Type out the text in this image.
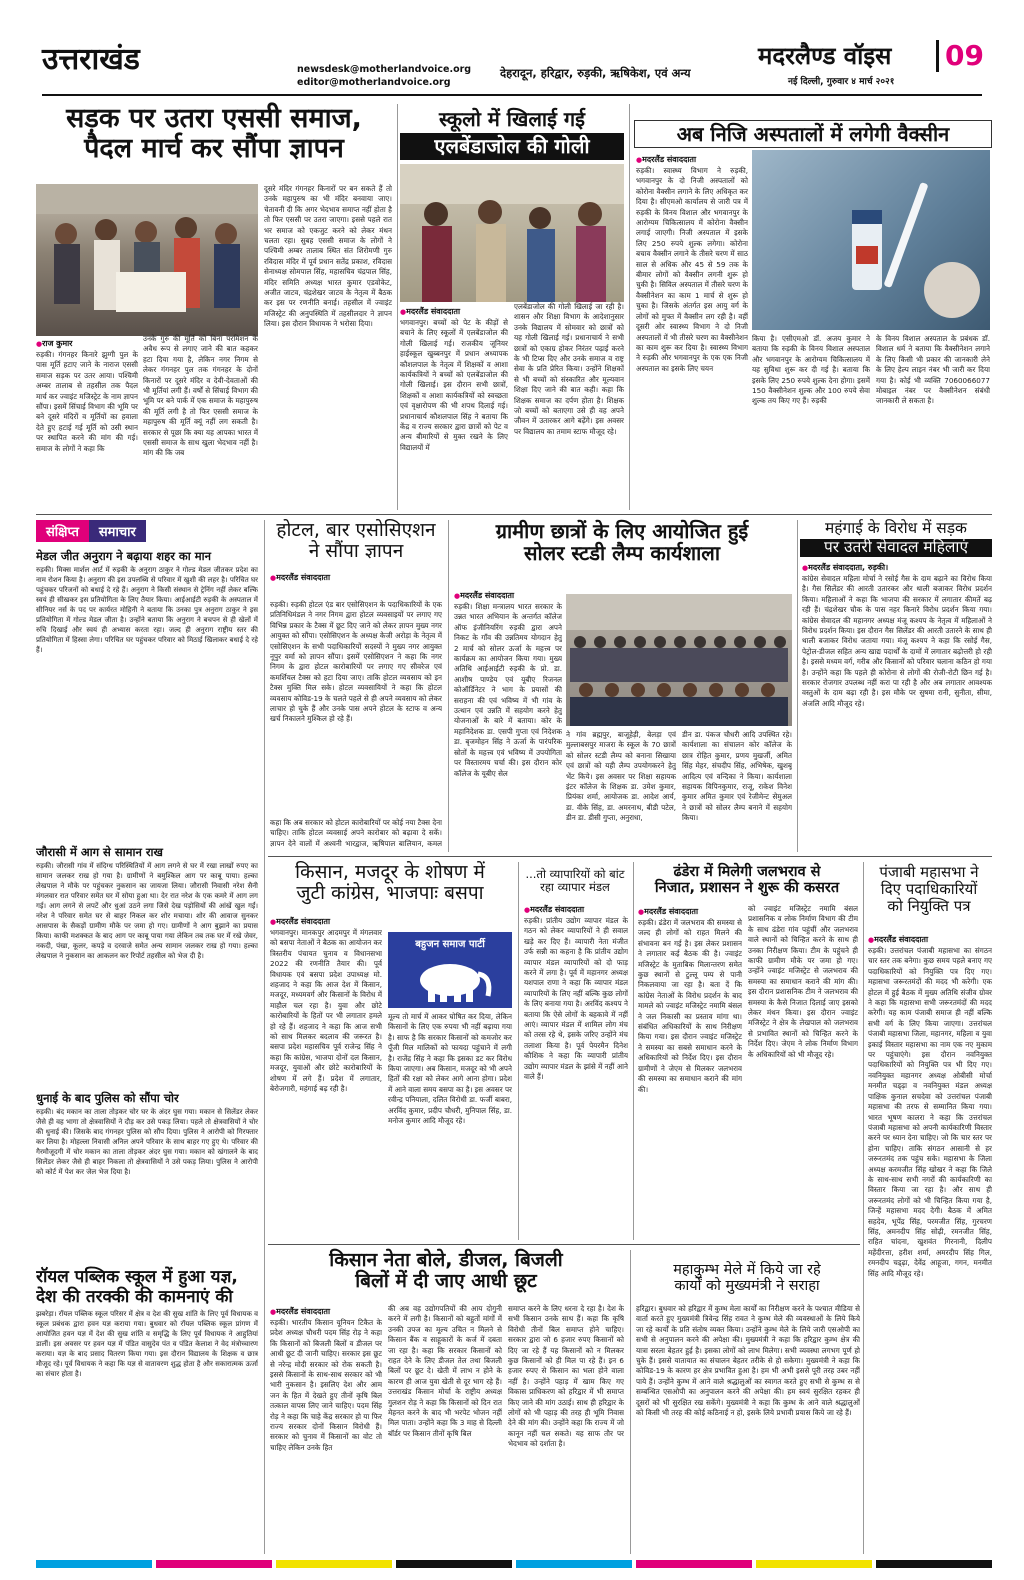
उत्तराखंड	newsdesk@motherlandvoice.org
editor@motherlandvoice.org
देहरादून, हरिद्वार, रुड़की, ऋषिकेश, एवं अन्य
मदरलैण्ड वॉइस	09
नई दिल्ली, गुरुवार ४ मार्च २०२१
सड़क पर उतरा एससी समाज,
पैदल मार्च कर सौंपा ज्ञापन
● राज कुमार
रुड़की। गंगनहर किनारे झुग्गी पुल के पास मूर्ति हटाए जाने के नाराज एससी समाज सड़क पर उतर आया। पश्चिमी अम्बर तालाब से तहसील तक पैदल मार्च कर ज्वाइंट मजिस्ट्रेट के नाम ज्ञापन सौंपा। इसमें सिंचाई विभाग की भूमि पर बने दूसरे मंदिरों व मूर्तियों का हवाला देते हुए हटाई गई मूर्ति को उसी स्थान पर स्थापित करने की मांग की गई। समाज के लोगों ने कहा कि
उनके गुरु की मूर्ति को बिना परमिशन के अवैध रूप से लगाए जाने की बात कहकर हटा दिया गया है, लेकिन नगर निगम से लेकर गंगनहर पुल तक गंगनहर के दोनों किनारों पर दूसरे मंदिर व देवी-देवताओं की भी मूर्तियां लगी हैं। वर्षों से सिंचाई विभाग की भूमि पर बने पार्क में एक समाज के महापुरुष की मूर्ति लगी है तो फिर एससी समाज के महापुरुष की मूर्ति क्यूं नहीं लग सकती है। सरकार से पूछा कि क्या यह आपका भारत में एससी समाज के साथ खुला भेदभाव नहीं है। मांग की कि जब
दूसरे मंदिर गंगनहर किनारों पर बन सकते हैं तो उनके महापुरुष का भी मंदिर बनवाया जाए। चेतावनी दी कि अगर भेदभाव समाप्त नहीं होता है तो फिर एससी पर उतरा जाएगा। इससे पहले रात भर समाज को एकजुट करने को लेकर मंथन चलता रहा। सुबह एससी समाज के लोगों ने पश्चिमी अम्बर तालाब स्थित संत शिरोमणी गुरु रविदास मंदिर में पूर्व प्रधान सतेंद्र प्रकाश, रविदास सेनाध्यक्ष सोमपाल सिंह, महासचिव चंद्रपाल सिंह, मंदिर समिति अध्यक्ष भारत कुमार एडवोकेट, अजीत जाटव, चंद्रशेखर जाटव के नेतृत्व में बैठक कर इस पर रणनीति बनाई। तहसील में ज्वाइंट मजिस्ट्रेट की अनुपस्थिति में तहसीलदार ने ज्ञापन लिया। इस दौरान विधायक ने भरोसा दिया।
स्कूलो में खिलाई गई
एलबेंडाजोल की गोली
● मदरलैंड संवाददाता
भगवानपुर। बच्चों को पेट के कीड़ों से बचाने के लिए स्कूलों में एलबेंडाजोल की गोली खिलाई गई। राजकीय जूनियर हाईस्कूल खुब्बनपुर में प्रधान अध्यापक कौशलपाल के नेतृत्व में शिक्षकों व आशा कार्यकत्रियों ने बच्चों को एलबेंडाजोल की गोली खिलाई। इस दौरान सभी छात्रों, शिक्षकों व आशा कार्यकत्रियों को स्वच्छता एवं वृक्षारोपण की भी शपथ दिलाई गई। प्रधानाचार्य कौशलपाल सिंह ने बताया कि केंद्र व राज्य सरकार द्वारा छात्रों को पेट व अन्य बीमारियों से मुक्त रखने के लिए विद्यालयों में
एलबेंडाजोल की गोली खिलाई जा रही है। शासन और शिक्षा विभाग के आदेशानुसार उनके विद्यालय में सोमवार को छात्रों को यह गोली खिलाई गई। प्रधानाचार्य ने सभी छात्रों को एकाग्र होकर निरंतर पढ़ाई करने के भी टिप्स दिए और उनके समाज व राष्ट्र सेवा के प्रति प्रेरित किया। उन्होंने शिक्षकों से भी बच्चों को संस्कारित और मूल्यवान शिक्षा दिए जाने की बात कही। कहा कि शिक्षक समाज का दर्पण होता है। शिक्षक जो बच्चों को बताएगा उसे ही वह अपने जीवन में उतारकर आगे बढ़ेंगे। इस अवसर पर विद्यालय का तमाम स्टाफ मौजूद रहे।
अब निजि अस्पतालों में लगेगी वैक्सीन
● मदरलैंड संवाददाता
रुड़की। स्वास्थ्य विभाग ने रुड़की, भगवानपुर के दो निजी अस्पतालों को कोरोना वैक्सीन लगाने के लिए अधिकृत कर दिया है। सीएमओ कार्यालय से जारी पत्र में रुड़की के विनय विशाल और भगवानपुर के आरोग्यम चिकित्सालय में कोरोना वैक्सीन लगाई जाएगी। निजी अस्पताल में इसके लिए 250 रुपये शुल्क लगेगा। कोरोना बचाव वैक्सीन लगाने के तीसरे चरण में साठ साल से अधिक और 45 से 59 तक के बीमार लोगों को वैक्सीन लगनी शुरू हो चुकी है। सिविल अस्पताल में तीसरे चरण के वैक्सीनेशन का काम 1 मार्च से शुरू हो चुका है। जिसके अंतर्गत इस आयु वर्ग के लोगों को मुफ्त में वैक्सीन लग रही है। वहीं दूसरी ओर स्वास्थ्य विभाग ने दो निजी अस्पतालों में भी तीसरे चरण का वैक्सीनेशन का काम शुरू कर दिया है। स्वास्थ्य विभाग ने रुड़की और भगवानपुर के एक एक निजी अस्पताल का इसके लिए चयन
किया है। एसीएमओ डॉ. अजय कुमार ने बताया कि रुड़की के विनय विशाल अस्पताल और भगवानपुर के आरोग्यम चिकित्सालय में यह सुविधा शुरू कर दी गई है। बताया कि इसके लिए 250 रुपये शुल्क देना होगा। इसमें 150 वैक्सीनेशन शुल्क और 100 रुपये सेवा शुल्क तय किए गए हैं। रुड़की
के विनय विशाल अस्पताल के प्रबंधक डॉ. विशाल धर्म ने बताया कि वैक्सीनेशन लगाने के लिए किसी भी प्रकार की जानकारी लेने के लिए हेल्प लाइन नंबर भी जारी कर दिया गया है। कोई भी व्यक्ति 7060066077 मोबाइल नंबर पर वैक्सीनेशन संबंधी जानकारी ले सकता है।
संक्षिप्त समाचार
मेडल जीत अनुराग ने बढ़ाया शहर का मान

रुड़की। मिक्स मार्शल आर्ट में रुड़की के अनुराग ठाकुर ने गोल्ड मेडल जीतकर प्रदेश का नाम रोशन किया है। अनुराग की इस उपलब्धि से परिवार में खुशी की लहर है। परिचित घर पहुंचकर परिजनों को बधाई दे रहे हैं। अनुराग ने किसी संस्थान से ट्रेनिंग नहीं लेकर बल्कि स्वयं ही सीखकर इस प्रतियोगिता के लिए तैयार किया। आईआईटी रुड़की के अस्पताल में सीनियर नर्स के पद पर कार्यरत मोहिनी ने बताया कि उनका पुत्र अनुराग ठाकुर ने इस प्रतियोगिता में गोल्ड मेडल जीता है। उन्होंने बताया कि अनुराग ने बचपन से ही खेलों में रुचि दिखाई और स्वयं ही अभ्यास करता रहा। जल्द ही अनुराग राष्ट्रीय स्तर की प्रतियोगिता में हिस्सा लेगा। परिचित घर पहुंचकर परिवार को मिठाई खिलाकर बधाई दे रहे हैं।

जौरासी में आग से सामान राख

रुड़की। जौरासी गांव में संदिग्ध परिस्थितियों में आग लगने से घर में रखा लाखों रुपए का सामान जलकर राख हो गया है। ग्रामीणों ने बमुश्किल आग पर काबू पाया। हल्का लेखपाल ने मौके पर पहुंचकर नुकसान का जायजा लिया। जौरासी निवासी नरेश सैनी मंगलवार रात परिवार समेत घर में सोया हुआ था। देर रात नरेश के एक कमरे में आग लग गई। आग लगने से लपटें और धुआं उठने लगा जिसे देख पड़ोसियों की आंखें खुल गईं। नरेश ने परिवार समेत घर से बाहर निकल कर शोर मचाया। शोर की आवाज सुनकर आसपास के सैकड़ों ग्रामीण मौके पर जमा हो गए। ग्रामीणों ने आग बुझाने का प्रयास किया। काफी मशक्कत के बाद आग पर काबू पाया गया लेकिन तब तक घर में रखे जेवर, नकदी, पंखा, कूलर, कपड़े व दरवाजे समेत अन्य सामान जलकर राख हो गया। हल्का लेखपाल ने नुकसान का आकलन कर रिपोर्ट तहसील को भेज दी है।

धुनाई के बाद पुलिस को सौंपा चोर

रुड़की। बंद मकान का ताला तोड़कर चोर घर के अंदर घुस गया। मकान से सिलेंडर लेकर जैसे ही वह भागा तो क्षेत्रवासियों ने दौड़ कर उसे पकड़ लिया। पहले तो क्षेत्रवासियों ने चोर की धुनाई की। जिसके बाद गंगनहर पुलिस को सौंप दिया। पुलिस ने आरोपी को गिरफ्तार कर लिया है। मोहल्ला निवासी अनिल अपने परिवार के साथ बाहर गए हुए थे। परिवार की गैरमौजूदगी में चोर मकान का ताला तोड़कर अंदर घुस गया। मकान को खंगालने के बाद सिलेंडर लेकर जैसे ही बाहर निकला तो क्षेत्रवासियों ने उसे पकड़ लिया। पुलिस ने आरोपी को कोर्ट में पेश कर जेल भेज दिया है।

रॉयल पब्लिक स्कूल में हुआ यज्ञ, देश की तरक्की की कामनाएं की

झबरेड़ा। रॉयल पब्लिक स्कूल परिसर में क्षेत्र व देश की सुख शांति के लिए पूर्व विधायक व स्कूल प्रबंधक द्वारा हवन यज्ञ कराया गया। बुधवार को रॉयल पब्लिक स्कूल प्रांगण में आयोजित हवन यज्ञ में देश की सुख शांति व समृद्धि के लिए पूर्व विधायक ने आहुतियां डालीं। इस अवसर पर हवन यज्ञ में पंडित वासुदेव पंत व पंडित केलाश ने वेद मंत्रोच्चारण कराया। यज्ञ के बाद प्रसाद वितरण किया गया। इस दौरान विद्यालय के शिक्षक व छात्र मौजूद रहे। पूर्व विधायक ने कहा कि यज्ञ से वातावरण शुद्ध होता है और सकारात्मक ऊर्जा का संचार होता है।

होटल, बार एसोसिएशन
ने सौंपा ज्ञापन
● मदरलैंड संवाददाता
रुड़की। रुड़की होटल एंड बार एसोसिएशन के पदाधिकारियों के एक प्रतिनिधिमंडल ने नगर निगम द्वारा होटल व्यवसाइयों पर लगाए गए विभिन्न प्रकार के टैक्स में छूट दिए जाने को लेकर ज्ञापन मुख्य नगर आयुक्त को सौंपा। एसोसिएशन के अध्यक्ष केजी अरोड़ा के नेतृत्व में एसोसिएशन के सभी पदाधिकारियों सदस्यों ने मुख्य नगर आयुक्त नूपुर वर्मा को ज्ञापन सौंपा। इसमें एसोसिएशन ने कहा कि नगर निगम के द्वारा होटल कारोबारियों पर लगाए गए सीवरेज एवं कमर्शियल टैक्स को हटा दिया जाए। ताकि होटल व्यवसाय को इन टैक्स मुक्ति मिल सके। होटल व्यवसायियों ने कहा कि होटल व्यवसाय कोविड-19 के चलते पहले से ही अपने व्यवसाय को लेकर लाचार हो चुके हैं और उनके पास अपने होटल के स्टाफ व अन्य खर्च निकालने मुश्किल हो रहे हैं।
कहा कि अब सरकार को होटल कारोबारियों पर कोई नया टैक्स देना चाहिए। ताकि होटल व्यवसाई अपने कारोबार को बढ़ावा दे सकें। ज्ञापन देने वालों में अश्वनी भारद्वाज, ऋषिपाल बालियान, कमल
ग्रामीण छात्रों के लिए आयोजित हुई
सोलर स्टडी लैम्प कार्यशाला
● मदरलैंड संवाददाता
रुड़की। शिक्षा मन्त्रालय भारत सरकार के उन्नत भारत अभियान के अन्तर्गत कॉलेज ऑफ इंजीनियरिंग रुड़की द्वारा अपने निकट के गाँव की उन्नतिमय योगदान हेतु 2 मार्च को सोलर ऊर्जा के महत्त्व पर कार्यक्रम का आयोजन किया गया। मुख्य अतिथि आईआईटी रुड़की के प्रो. डा. आशीष पाण्डेय एवं यूबीए रिजनल कोऑर्डिनेटर ने भाग के प्रयासों की सराहना की एवं भविष्य में भी गांव के उत्थान एवं उन्नति में सहयोग करने हेतु योजनाओं के बारे में बताया। कोर के महानिदेशक डा. एसपी गुप्ता एवं निदेशक डा. बृजमोहन सिंह ने ऊर्जा के पारंपरिक स्रोतों के महत्त्व एवं भविष्य में उपयोगिता पर विस्तारमय चर्चा की। इस दौरान कोर कॉलेज के यूबीए सेल
ने गांव ब्रह्मपुर, बाजूहेड़ी, बेलड़ा एवं मुल्लाबसपुर माजरा के स्कूल के 70 छात्रों को सोलर स्टडी लैम्प को बनाना सिखाया एवं छात्रों को यही लैम्प उपयोगकरने हेतु भेंट किये। इस अवसर पर शिक्षा सहायक इंटर कॉलेज के शिक्षक डा. उमेश कुमार, प्रियंका शर्मा, आयोजक डा. आदेश आर्य, डा. वीके सिंह, डा. अमरनाथ, बीडी पटेल, डीन डा. डीसी गुप्ता, अनुराधा,
डीन डा. पंकज चौधरी आदि उपस्थित रहे। कार्यशाला का संचालन कोर कॉलेज के छात्र रोहित कुमार, प्रणय मुखर्जी, अमित सिंह मेहर, संचदीप सिंह, अभिषेक, खुशबू आदित्य एवं वन्दिका ने किया। कार्यशाला सहायक विपिनकुमार, राजू, राकेश विनेश कुमार अमित कुमार एवं रेजीमेन्ट सेमुअल ने छात्रों को सोलर लैम्प बनाने में सहयोग किया।
महंगाई के विरोध में सड़क
पर उतरी सेवादल महिलाएं
● मदरलैंड संवाददाता, रुड़की।
कांग्रेस सेवादल महिला मोर्चा ने रसोई गैस के दाम बढ़ाने का विरोध किया है। गैस सिलेंडर की आरती उतारकर और थाली बजाकर विरोध प्रदर्शन किया। महिलाओं ने कहा कि भाजपा की सरकार में लगातार कीमतें बढ़ रही हैं। चंद्रशेखर चौक के पास नहर किनारे विरोध प्रदर्शन किया गया। कांग्रेस सेवादल की महानगर अध्यक्ष मंजू कश्यप के नेतृत्व में महिलाओं ने विरोध प्रदर्शन किया। इस दौरान गैस सिलेंडर की आरती उतारने के साथ ही थाली बजाकर विरोध जताया गया। मंजू कश्यप ने कहा कि रसोई गैस, पेट्रोल-डीजल सहित अन्य खाद्य पदार्थों के दामों में लगातार बढ़ोत्तरी हो रही है। इससे मध्यम वर्ग, गरीब और किसानों को परिवार चलाना कठिन हो गया है। उन्होंने कहा कि पहले ही कोरोना से लोगों की रोजी-रोटी छिन गई है। सरकार रोजगार उपलब्ध नहीं करा पा रही है और अब लगातार आवश्यक वस्तुओं के दाम बढ़ा रही है। इस मौके पर सुषमा रानी, सुनीता, सीमा, अंजलि आदि मौजूद रहे।
किसान, मजदूर के शोषण में
जुटी कांग्रेस, भाजपाः बसपा
● मदरलैंड संवाददाता
बहुजन समाज पार्टी
भगवानपुर। मानकपुर आदमपुर में मंगलवार को बसपा नेताओं ने बैठक का आयोजन कर त्रिस्तरीय पंचायत चुनाव व विधानसभा 2022 की रणनीति तैयार की। पूर्व विधायक एवं बसपा प्रदेश उपाध्यक्ष मो. शहजाद ने कहा कि आज देश में किसान, मजदूर, मध्यमवर्ग और किसानों के विरोध में माहौल चल रहा है। युवा और छोटे कारोबारियों के हितों पर भी लगातार हमले हो रहे हैं। शहजाद ने कहा कि आज सभी को साथ मिलकर बदलाव की जरूरत है। बसपा प्रदेश महासचिव पूर्व राजेन्द्र सिंह ने कहा कि कांग्रेस, भाजपा दोनों दल किसान, मजदूर, युवाओं और छोटे कारोबारियों के शोषण में लगे हैं। प्रदेश में लगातार, बेरोजगारी, महंगाई बढ़ रही है।
मूल्य तो मार्च में आकर घोषित कर दिया, लेकिन किसानों के लिए एक रुपया भी नहीं बढ़ाया गया है। साफ है कि सरकार किसानों को कमजोर कर पूँजी मिल मालिकों को फायदा पहुंचाने में लगी है। राजेंद्र सिंह ने कहा कि इसका डट कर विरोध किया जाएगा। अब किसान, मजदूर को भी अपने हितों की रक्षा को लेकर आगे आना होगा। प्रदेश में आने वाला समय बसपा का है। इस अवसर पर रवीन्द्र पनियाला, दलित विरोधी डा. फर्जी बाबरा, अरविंद कुमार, प्रदीप चौधरी, मुनिपाल सिंह, डा. मनोज कुमार आदि मौजूद रहे।
...तो व्यापारियों को बांट
रहा व्यापार मंडल
● मदरलैंड संवाददाता
रुड़की। प्रांतीय उद्योग व्यापार मंडल के गठन को लेकर व्यापारियों ने ही सवाल खड़े कर दिए हैं। व्यापारी नेता मंजीत उर्फ सन्नी का कहना है कि प्रांतीय उद्योग व्यापार मंडल व्यापारियों को दो फाड़ करने में लगा है। पूर्व में महानगर अध्यक्ष यशपाल राणा ने कहा कि व्यापार मंडल व्यापारियों के लिए नहीं बल्कि कुछ लोगों के लिए बनाया गया है। अरविंद कश्यप ने बताया कि ऐसे लोगों के बहकावे में नहीं आएं। व्यापार मंडल में शामिल लोग मंच को तरस रहे थे, इसके जरिए उन्होंने मंच तलाशा किया है। पूर्व पेयरमैन दिनेश कौशिक ने कहा कि व्यापारी प्रांतीय उद्योग व्यापार मंडल के झांसे में नहीं आने वाले हैं।
ढंडेरा में मिलेगी जलभराव से
निजात, प्रशासन ने शुरू की कसरत
● मदरलैंड संवाददाता
रुड़की। ढंडेरा में जलभराव की समस्या से जल्द ही लोगों को राहत मिलने की संभावना बन गई है। इस लेकर प्रशासन ने लगातार कई बैठक की है। ज्वाइंट मजिस्ट्रेट के मुताबिक मिलान्तरण समेत कुछ स्थानों से टुल्लू पम्प से पानी निकलवाया जा रहा है। बता दें कि कांग्रेस नेताओं के विरोध प्रदर्शन के बाद मामले को ज्वाइंट मजिस्ट्रेट नमामि बंसल ने जल निकासी का प्रस्ताव मांगा था। संबंधित अधिकारियों के साथ निरीक्षण किया गया। इस दौरान ज्वाइंट मजिस्ट्रेट ने समस्या का सबसे समाधान करने के अधिकारियों को निर्देश दिए। इस दौरान ग्रामीणों ने जेएम से मिलकर जलभराव की समस्या का समाधान कराने की मांग की।
को ज्वाइंट मजिस्ट्रेट नमामि बंसल प्रशासनिक व लोक निर्माण विभाग की टीम के साथ ढंडेरा गांव पहुंचीं और जलभराव वाले स्थानों को चिन्हित करने के साथ ही उनका निरीक्षण किया। टीम के पहुंचने ही काफी ग्रामीण मौके पर जमा हो गए। उन्होंने ज्वाइंट मजिस्ट्रेट से जलभराव की समस्या का समाधान कराने की मांग की। इस दौरान प्रशासनिक टीम ने जलभराव की समस्या के कैसे निजात दिलाई जाए इसको लेकर मंथन किया। इस दौरान ज्वाइंट मजिस्ट्रेट ने क्षेत्र के लेखपाल को जलभराव से प्रभावित स्थानों को चिन्हित करने के निर्देश दिए। जेएम ने लोक निर्माण विभाग के अधिकारियों को भी मौजूद रहे।
पंजाबी महासभा ने
दिए पदाधिकारियों
को नियुक्ति पत्र
● मदरलैंड संवाददाता
रुड़की। उत्तरांचल पंजाबी महासभा का संगठन चार स्तर तक बनेगा। कुछ समय पहले बनाए गए पदाधिकारियों को नियुक्ति पत्र दिए गए। महासभा जरूरतमंदों की मदद भी करेगी। एक होटल में हुई बैठक में मुख्य अतिथि संजीव ग्रोवर ने कहा कि महासभा सभी जरूरतमंदों की मदद करेगी। यह काम पंजाबी समाज ही नहीं बल्कि सभी वर्ग के लिए किया जाएगा। उत्तरांचल पंजाबी महासभा जिला, महानगर, महिला व युवा इकाई विस्तार महासभा का नाम एक नए मुकाम पर पहुंचाएंगे। इस दौरान नवनियुक्त पदाधिकारियों को नियुक्ति पत्र भी दिए गए। नवनियुक्त महानगर अध्यक्ष ओबीसी मोर्चा मनमीत चड्ढ़ा व नवनियुक्त मंडल अध्यक्ष पाक्षिक कुनाल सचदेवा को उत्तरांचल पंजाबी महासभा की तरफ से सम्मानित किया गया। भारत भूषण कालरा ने कहा कि उत्तरांचल पंजाबी महासभा को अपनी कार्यकारिणी विस्तार करने पर ध्यान देना चाहिए। जो कि चार स्तर पर होना चाहिए। ताकि संगठन आसानी से हर जरूरतमंद तक पहुंच सके। महासभा के जिला अध्यक्ष करमजीत सिंह खोखर ने कहा कि जिले के साथ-साथ सभी नगरों की कार्यकारिणी का विस्तार किया जा रहा है। और साथ ही जरूरतमंद लोगों को भी चिन्हित किया गया है, जिन्हें महासभा मदद देगी। बैठक में अमित सहदेव, भूपेंद्र सिंह, परमजीत सिंह, गुरचरण सिंह, अमनदीप सिंह सोढ़ी, रमनजीत सिंह, राहित चांदना, खुशवंत गिरनानी, दिलीप महेंदीरत्ता, हरीश शर्मा, अमरदीप सिंह गिल, रमनदीप चड्ढ़ा, देवेंद्र आहूजा, गगन, मनमीत सिंह आदि मौजूद रहे।
किसान नेता बोले, डीजल, बिजली
बिलों में दी जाए आधी छूट
● मदरलैंड संवाददाता
रुड़की। भारतीय किसान यूनियन टिकैत के प्रदेश अध्यक्ष चौधरी पदम सिंह रोड़ ने कहा कि किसानों को बिजली बिलों व डीजल पर आधी छूट दी जानी चाहिए। सरकार इस छूट से नरेन्द्र मोदी सरकार को रोक सकती है। इससे किसानों के साथ-साथ सरकार को भी भारी नुकसान है। इसलिए देश और आम जन के हित में देखते हुए तीनों कृषि बिल तत्काल वापस लिए जाने चाहिए। पदम सिंह रोड़ ने कहा कि चाहे केंद्र सरकार हो या फिर राज्य सरकार दोनों किसान विरोधी हैं। सरकार को चुनाव में किसानों का वोट तो चाहिए लेकिन उनके हित
की अब वह उद्योगपतियों की आय दोगुनी करने में लगी है। किसानों को बहुतों मांगों में उनकी उपज का मूल्य उचित न मिलने से किसान बैंक व साहूकारों के कर्ज में दबता जा रहा है। कहा कि सरकार किसानों को राहत देने के लिए डीजल तेल तथा बिजली बिलों पर छूट दे। खेती में लाभ न होने के कारण ही आज युवा खेती से दूर भाग रहे हैं। उत्तराखंड किसान मोर्चा के राष्ट्रीय अध्यक्ष गुलशन रोड़ ने कहा कि किसानों को दिन रात मेहनत करने के बाद भी भरपेट भोजन नहीं मिल पाता। उन्होंने कहा कि 3 माह से दिल्ली बॉर्डर पर किसान तीनों कृषि बिल
समाप्त करने के लिए धरना दे रहा है। देश के सभी किसान उनके साथ हैं। कहा कि कृषि विरोधी तीनों बिल समाप्त होने चाहिए। सरकार द्वारा जो 6 हजार रुपए किसानों को दिए जा रहे हैं यह किसानों को न मिलकर कुछ किसानों को ही मिल पा रहे हैं। इन 6 हजार रुपए से किसान का भला होने वाला नहीं है। उन्होंने पहाड़ में खाम किए गए विकास प्राधिकरण को हरिद्वार में भी समाप्त किए जाने की मांग उठाई। साथ ही हरिद्वार के लोगों को भी पहाड़ की तरह ही भूमि निवास देने की मांग की। उन्होंने कहा कि राज्य में जो कानून नहीं चल सकते। यह साफ तौर पर भेदभाव को दर्शाता है।
महाकुम्भ मेले में किये जा रहे
कार्यों को मुख्यमंत्री ने सराहा
हरिद्वार। बुधवार को हरिद्वार में कुम्भ मेला कार्यों का निरीक्षण करने के पश्चात मीडिया से वार्ता करते हुए मुख्यमंत्री त्रिवेन्द्र सिंह रावत ने कुम्भ मेले की व्यवस्थाओं के लिये किये जा रहे कार्यों के प्रति संतोष व्यक्त किया। उन्होंने कुम्भ मेले के लिये जारी एसओपी का सभी से अनुपालन करने की अपेक्षा की। मुख्यमंत्री ने कहा कि हरिद्वार कुम्भ क्षेत्र की यात्रा सरला बेहतर हुई है। इसका लोगों को लाभ मिलेगा। सभी व्यवस्था लगभग पूर्ण हो चुके हैं। इससे यातायात का संचालन बेहतर तरीके से हो सकेगा। मुख्यमंत्री ने कहा कि कोविड-19 के कारण हर क्षेत्र प्रभावित हुआ है। हम भी अभी इससे पूरी तरह उबर नहीं पाये हैं। उन्होंने कुम्भ में आने वाले श्रद्धालुओं का स्वागत करते हुए सभी से कुम्भ स से सम्बन्धित एसओपी का अनुपालन करने की अपेक्षा की। हम स्वयं सुरक्षित रहकर ही दूसरों को भी सुरक्षित रख सकेंगे। मुख्यमंत्री ने कहा कि कुम्भ के आने वाले श्रद्धालुओं को किसी भी तरह की कोई कठिनाई न हो, इसके लिये प्रभावी प्रयास किये जा रहे हैं।
